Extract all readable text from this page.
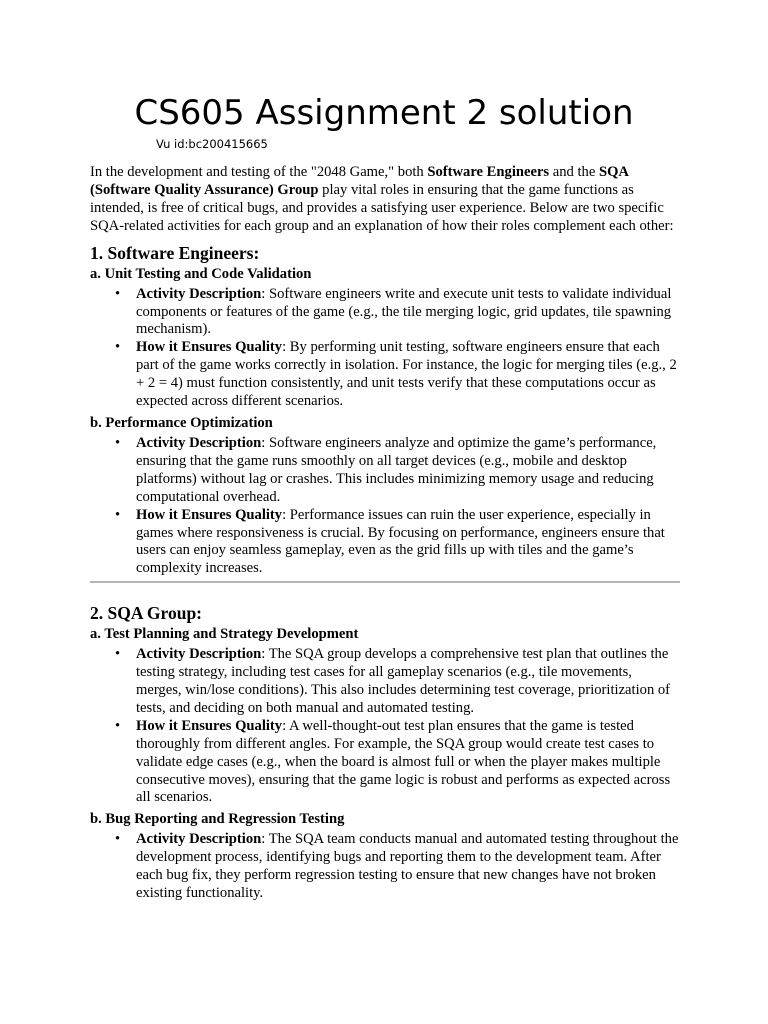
CS605 Assignment 2 solution
Vu id:bc200415665

In the development and testing of the "2048 Game," both Software Engineers and the SQA (Software Quality Assurance) Group play vital roles in ensuring that the game functions as intended, is free of critical bugs, and provides a satisfying user experience. Below are two specific SQA-related activities for each group and an explanation of how their roles complement each other:

1. Software Engineers:
a. Unit Testing and Code Validation
• Activity Description: Software engineers write and execute unit tests to validate individual components or features of the game (e.g., the tile merging logic, grid updates, tile spawning mechanism).
• How it Ensures Quality: By performing unit testing, software engineers ensure that each part of the game works correctly in isolation. For instance, the logic for merging tiles (e.g., 2 + 2 = 4) must function consistently, and unit tests verify that these computations occur as expected across different scenarios.
b. Performance Optimization
• Activity Description: Software engineers analyze and optimize the game’s performance, ensuring that the game runs smoothly on all target devices (e.g., mobile and desktop platforms) without lag or crashes. This includes minimizing memory usage and reducing computational overhead.
• How it Ensures Quality: Performance issues can ruin the user experience, especially in games where responsiveness is crucial. By focusing on performance, engineers ensure that users can enjoy seamless gameplay, even as the grid fills up with tiles and the game’s complexity increases.
2. SQA Group:
a. Test Planning and Strategy Development
• Activity Description: The SQA group develops a comprehensive test plan that outlines the testing strategy, including test cases for all gameplay scenarios (e.g., tile movements, merges, win/lose conditions). This also includes determining test coverage, prioritization of tests, and deciding on both manual and automated testing.
• How it Ensures Quality: A well-thought-out test plan ensures that the game is tested thoroughly from different angles. For example, the SQA group would create test cases to validate edge cases (e.g., when the board is almost full or when the player makes multiple consecutive moves), ensuring that the game logic is robust and performs as expected across all scenarios.
b. Bug Reporting and Regression Testing
• Activity Description: The SQA team conducts manual and automated testing throughout the development process, identifying bugs and reporting them to the development team. After each bug fix, they perform regression testing to ensure that new changes have not broken existing functionality.
